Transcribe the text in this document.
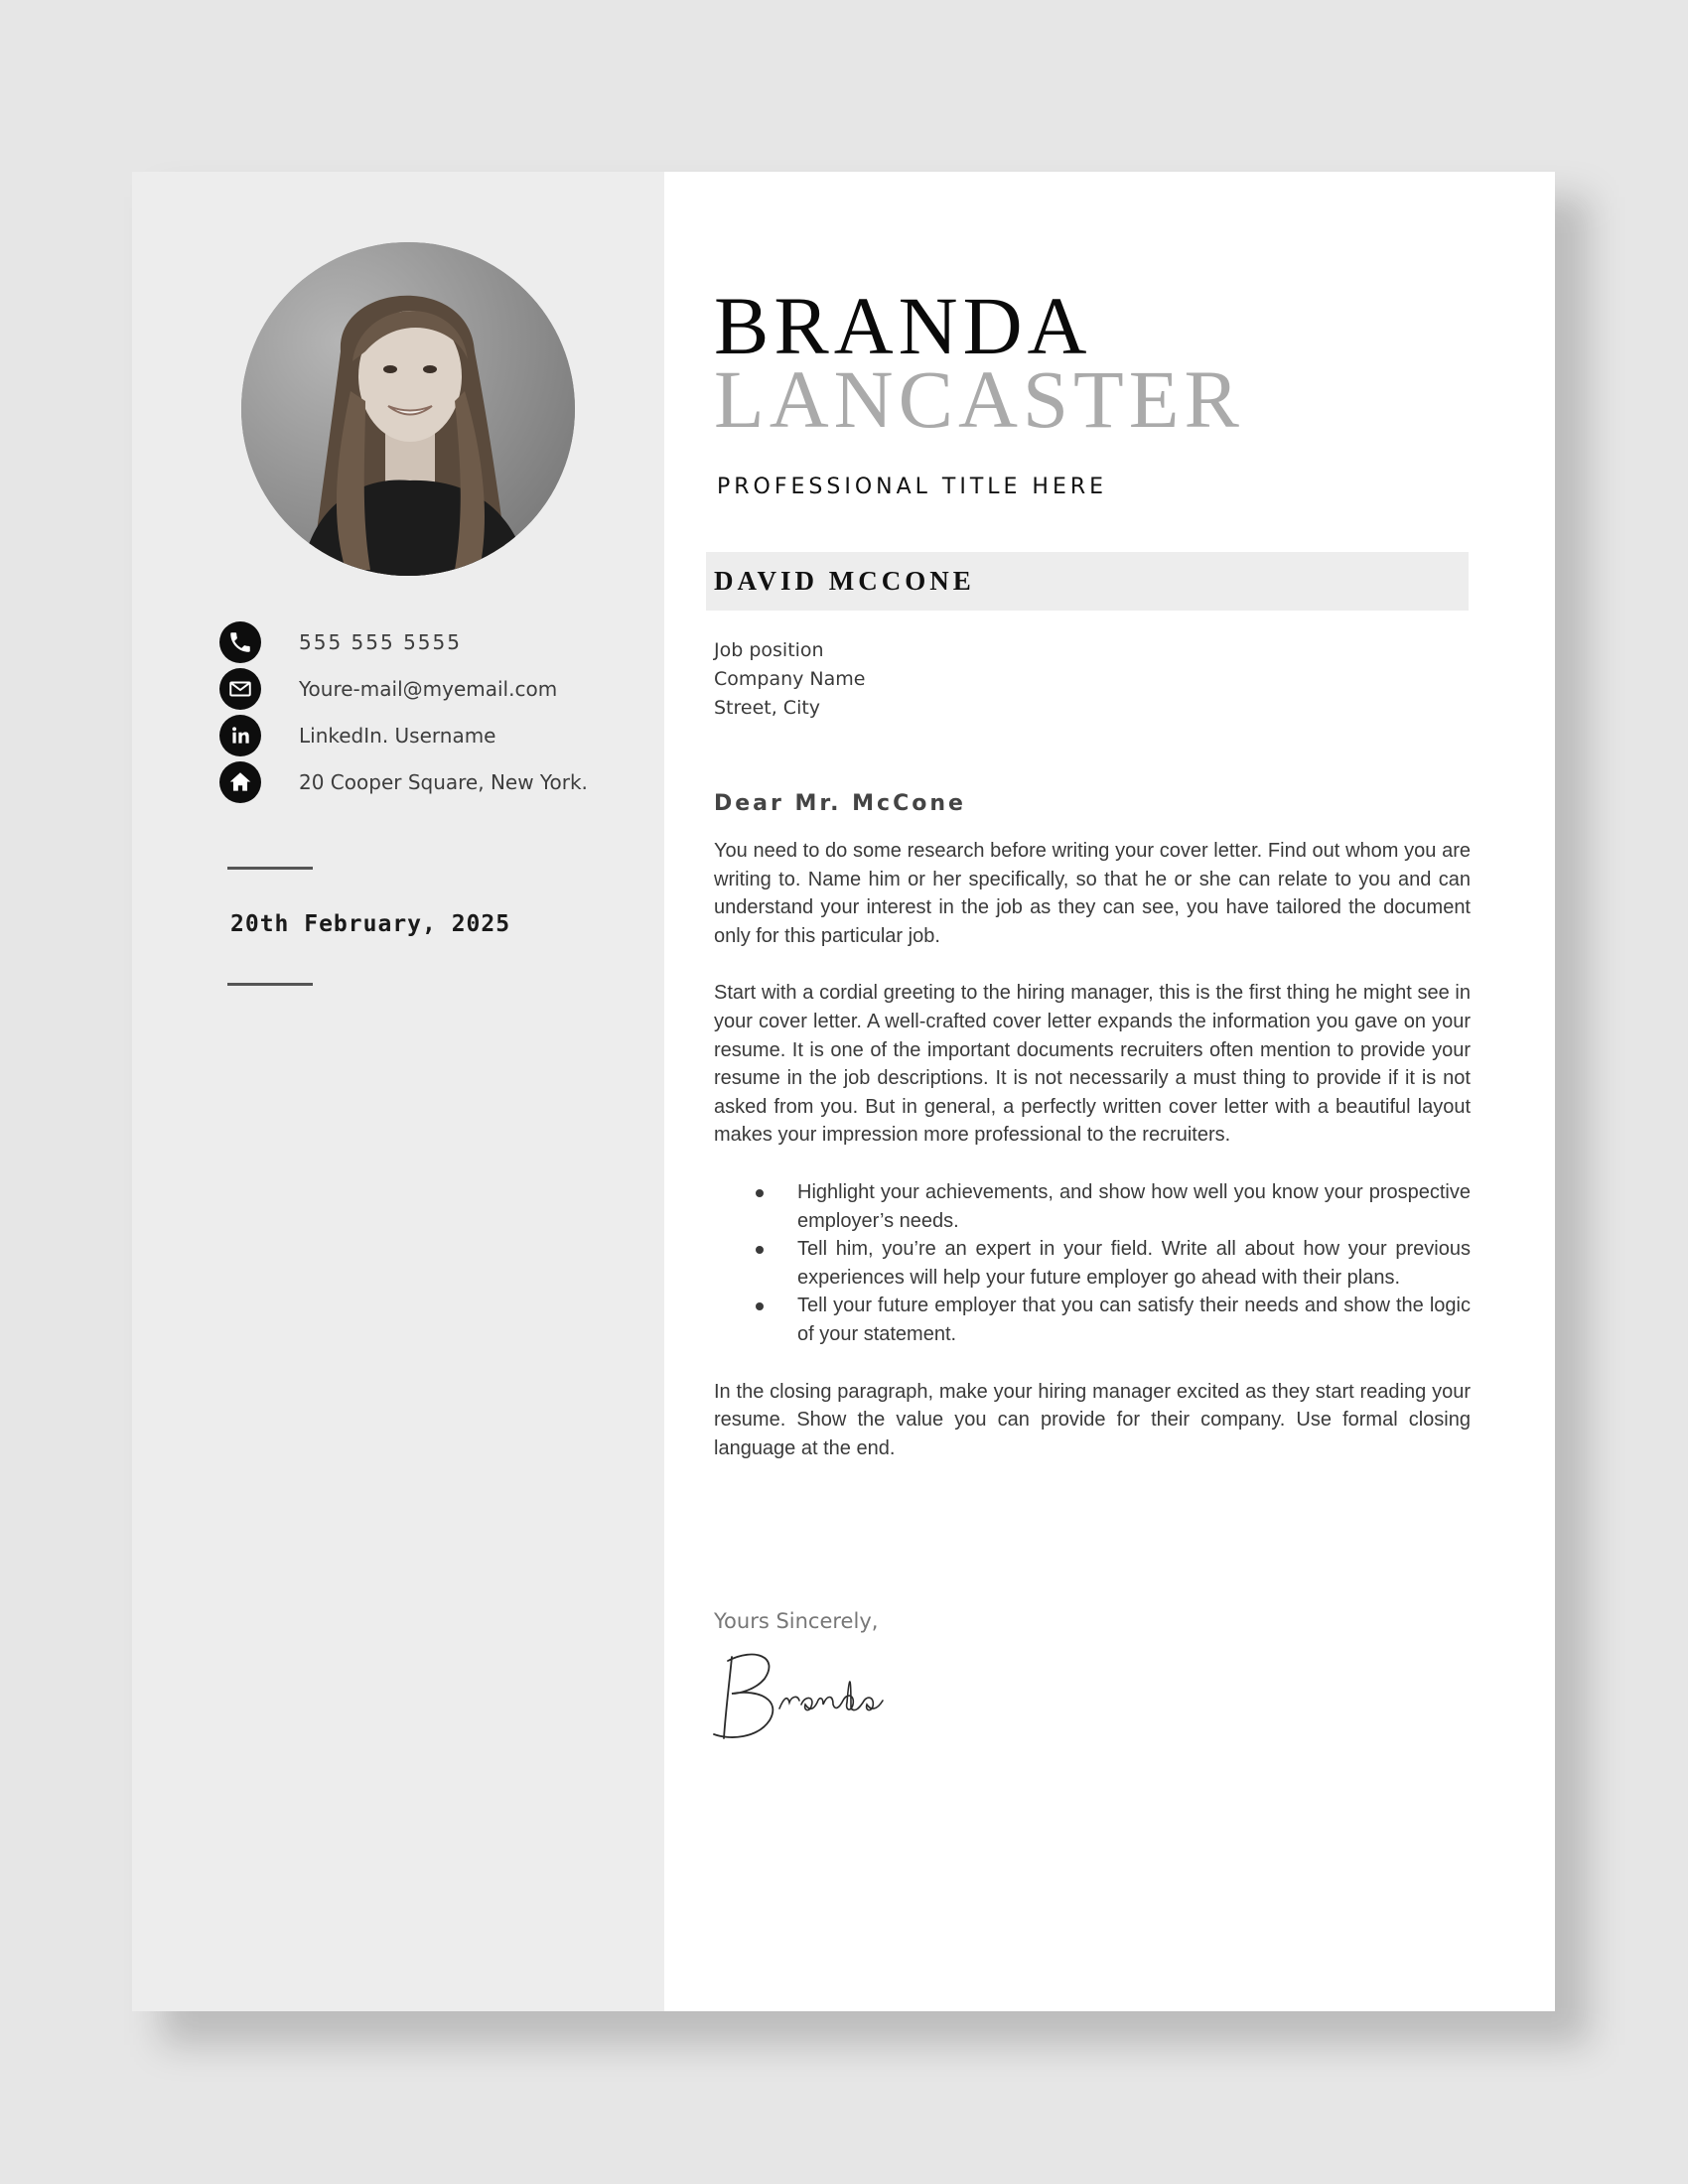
555 555 5555
Youre-mail@myemail.com
LinkedIn. Username
20 Cooper Square, New York.
20th February, 2025
BRANDA
LANCASTER
PROFESSIONAL TITLE HERE
DAVID MCCONE
Job position
Company Name
Street, City
Dear Mr. McCone

You need to do some research before writing your cover letter. Find out whom you are writing to. Name him or her specifically, so that he or she can relate to you and can understand your interest in the job as they can see, you have tailored the document only for this particular job.

Start with a cordial greeting to the hiring manager, this is the first thing he might see in your cover letter. A well-crafted cover letter expands the information you gave on your resume. It is one of the important documents recruiters often mention to provide your resume in the job descriptions. It is not necessarily a must thing to provide if it is not asked from you. But in general, a perfectly written cover letter with a beautiful layout makes your impression more professional to the recruiters.

Highlight your achievements, and show how well you know your prospective employer’s needs.
Tell him, you’re an expert in your field. Write all about how your previous experiences will help your future employer go ahead with their plans.
Tell your future employer that you can satisfy their needs and show the logic of your statement.

In the closing paragraph, make your hiring manager excited as they start reading your resume. Show the value you can provide for their company. Use formal closing language at the end.

Yours Sincerely,
